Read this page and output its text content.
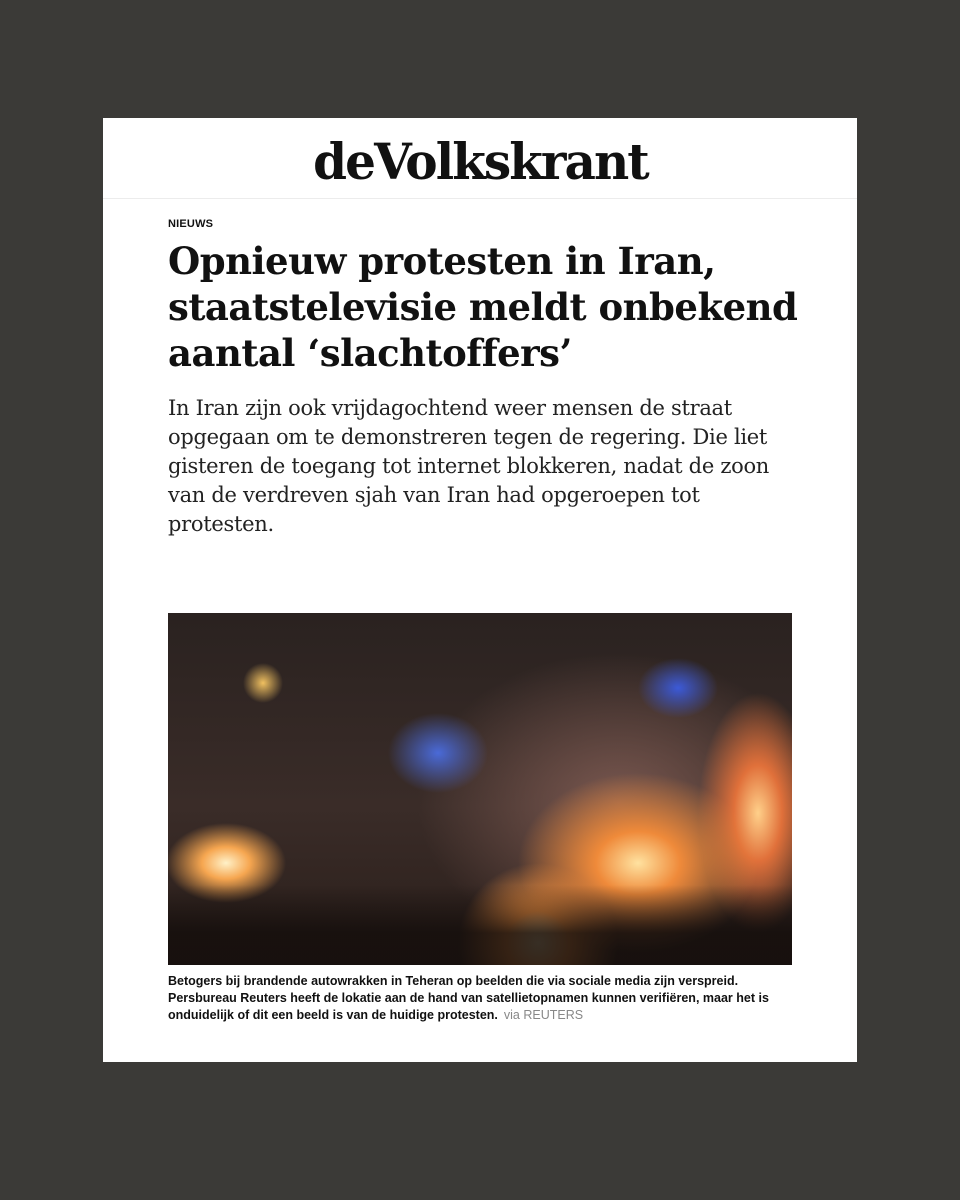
deVolkskrant
NIEUWS
Opnieuw protesten in Iran, staatstelevisie meldt onbekend aantal ‘slachtoffers’
In Iran zijn ook vrijdagochtend weer mensen de straat opgegaan om te demonstreren tegen de regering. Die liet gisteren de toegang tot internet blokkeren, nadat de zoon van de verdreven sjah van Iran had opgeroepen tot protesten.
Betogers bij brandende autowrakken in Teheran op beelden die via sociale media zijn verspreid. Persbureau Reuters heeft de lokatie aan de hand van satellietopnamen kunnen verifiëren, maar het is onduidelijk of dit een beeld is van de huidige protesten. via REUTERS
